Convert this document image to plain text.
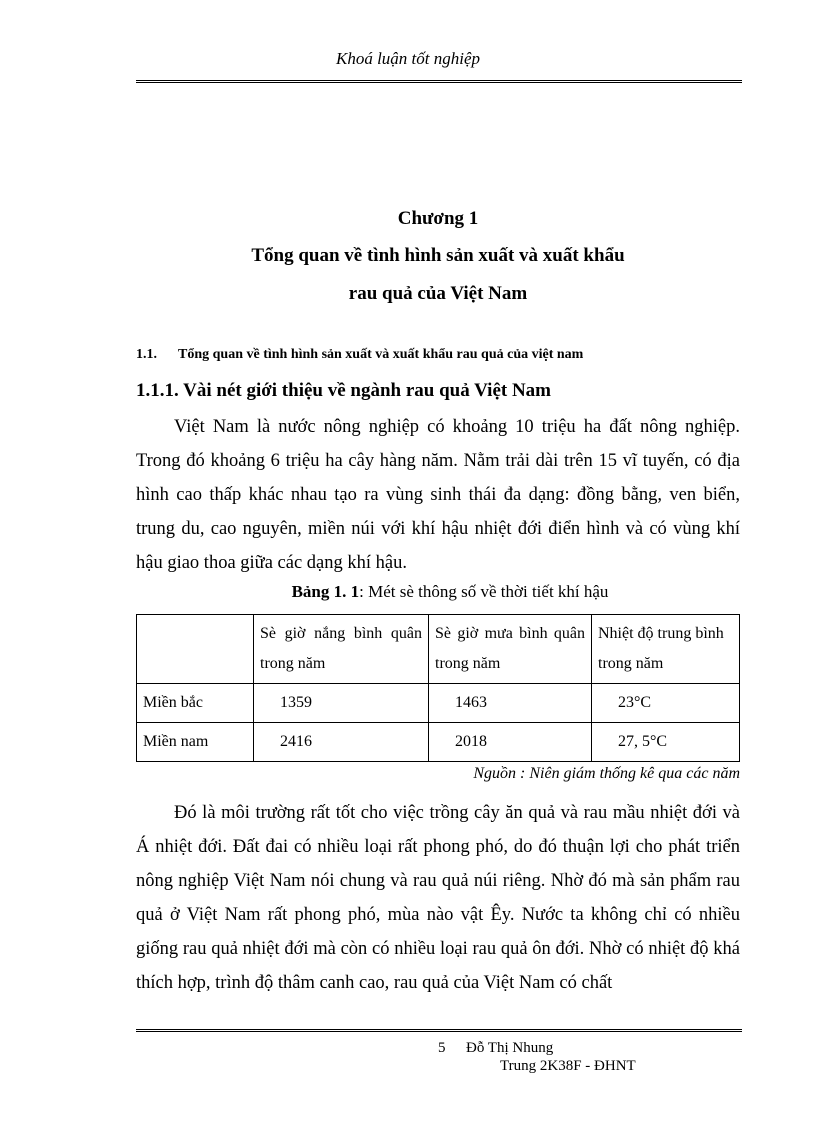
Khoá luận tốt nghiệp
Chương 1
Tổng quan về tình hình sản xuất và xuất khẩu
rau quả của Việt Nam
1.1. Tổng quan về tình hình sản xuất và xuất khẩu rau quả của việt nam
1.1.1. Vài nét giới thiệu về ngành rau quả Việt Nam
Việt Nam là nước nông nghiệp có khoảng 10 triệu ha đất nông nghiệp. Trong đó khoảng 6 triệu ha cây hàng năm. Nằm trải dài trên 15 vĩ tuyến, có địa hình cao thấp khác nhau tạo ra vùng sinh thái đa dạng: đồng bằng, ven biển, trung du, cao nguyên, miền núi với khí hậu nhiệt đới điển hình và có vùng khí hậu giao thoa giữa các dạng khí hậu.
Bảng 1. 1: Mét sè thông số về thời tiết khí hậu
	Sè giờ nắng bình quân trong năm	Sè giờ mưa bình quân trong năm	Nhiệt độ trung bình trong năm
Miền bắc	1359	1463	23°C
Miền nam	2416	2018	27, 5°C
Nguồn : Niên giám thống kê qua các năm
Đó là môi trường rất tốt cho việc trồng cây ăn quả và rau mầu nhiệt đới và Á nhiệt đới. Đất đai có nhiều loại rất phong phó, do đó thuận lợi cho phát triển nông nghiệp Việt Nam nói chung và rau quả núi riêng. Nhờ đó mà sản phẩm rau quả ở Việt Nam rất phong phó, mùa nào vật Êy. Nước ta không chỉ có nhiều giống rau quả nhiệt đới mà còn có nhiều loại rau quả ôn đới. Nhờ có nhiệt độ khá thích hợp, trình độ thâm canh cao, rau quả của Việt Nam có chất
5 Đỗ Thị Nhung
Trung 2K38F - ĐHNT
